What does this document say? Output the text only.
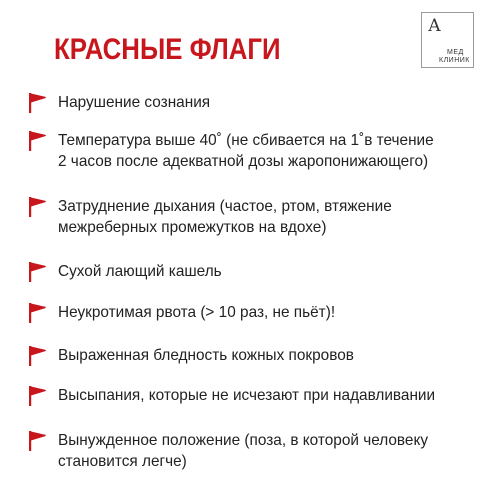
КРАСНЫЕ ФЛАГИ
А
МЕД
КЛИНИК
Нарушение сознания
Температура выше 40˚ (не сбивается на 1˚в течение
2 часов после адекватной дозы жаропонижающего)
Затруднение дыхания (частое, ртом, втяжение
межреберных промежутков на вдохе)
Сухой лающий кашель
Неукротимая рвота (> 10 раз, не пьёт)!
Выраженная бледность кожных покровов
Высыпания, которые не исчезают при надавливании
Вынужденное положение (поза, в которой человеку
становится легче)
